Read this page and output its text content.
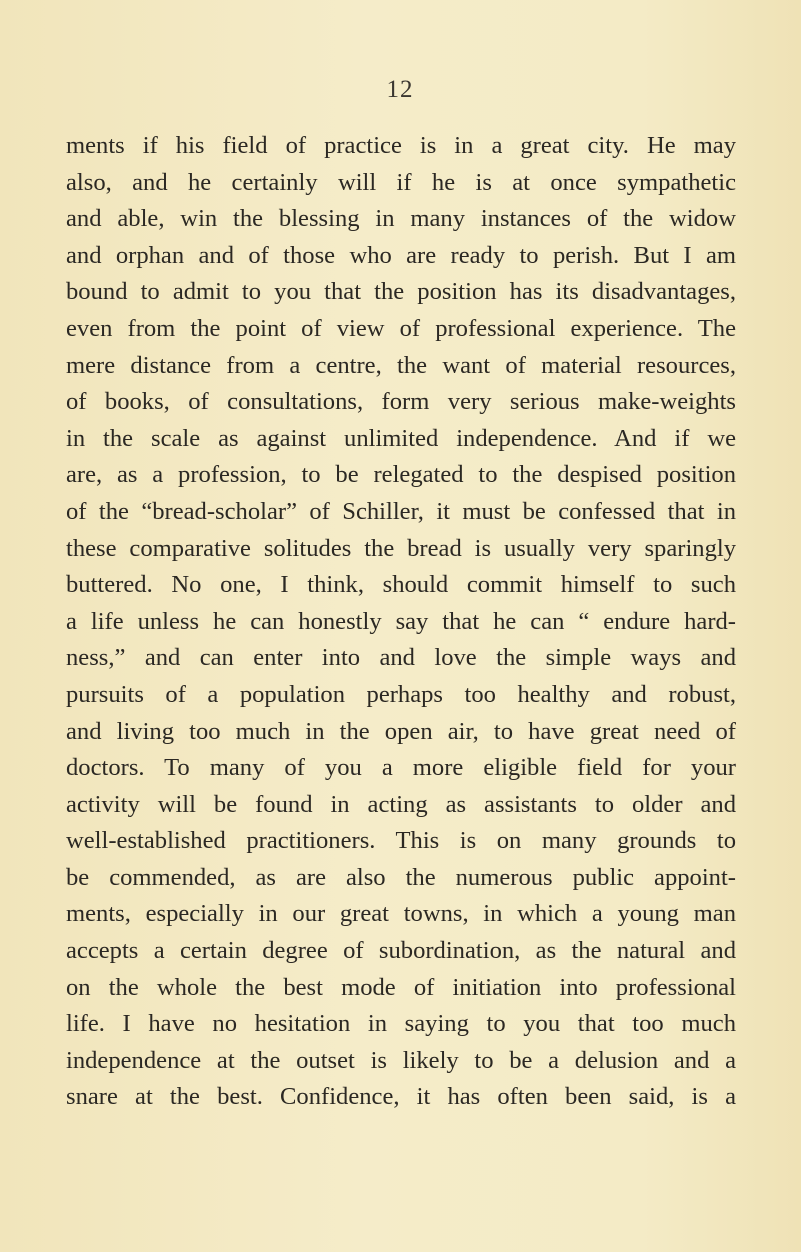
12
ments if his field of practice is in a great city. He may
also, and he certainly will if he is at once sympathetic
and able, win the blessing in many instances of the widow
and orphan and of those who are ready to perish. But I am
bound to admit to you that the position has its disadvantages,
even from the point of view of professional experience. The
mere distance from a centre, the want of material resources,
of books, of consultations, form very serious make-weights
in the scale as against unlimited independence. And if we
are, as a profession, to be relegated to the despised position
of the “bread-scholar” of Schiller, it must be confessed that in
these comparative solitudes the bread is usually very sparingly
buttered. No one, I think, should commit himself to such
a life unless he can honestly say that he can “ endure hard-
ness,” and can enter into and love the simple ways and
pursuits of a population perhaps too healthy and robust,
and living too much in the open air, to have great need of
doctors. To many of you a more eligible field for your
activity will be found in acting as assistants to older and
well-established practitioners. This is on many grounds to
be commended, as are also the numerous public appoint-
ments, especially in our great towns, in which a young man
accepts a certain degree of subordination, as the natural and
on the whole the best mode of initiation into professional
life. I have no hesitation in saying to you that too much
independence at the outset is likely to be a delusion and a
snare at the best. Confidence, it has often been said, is a
